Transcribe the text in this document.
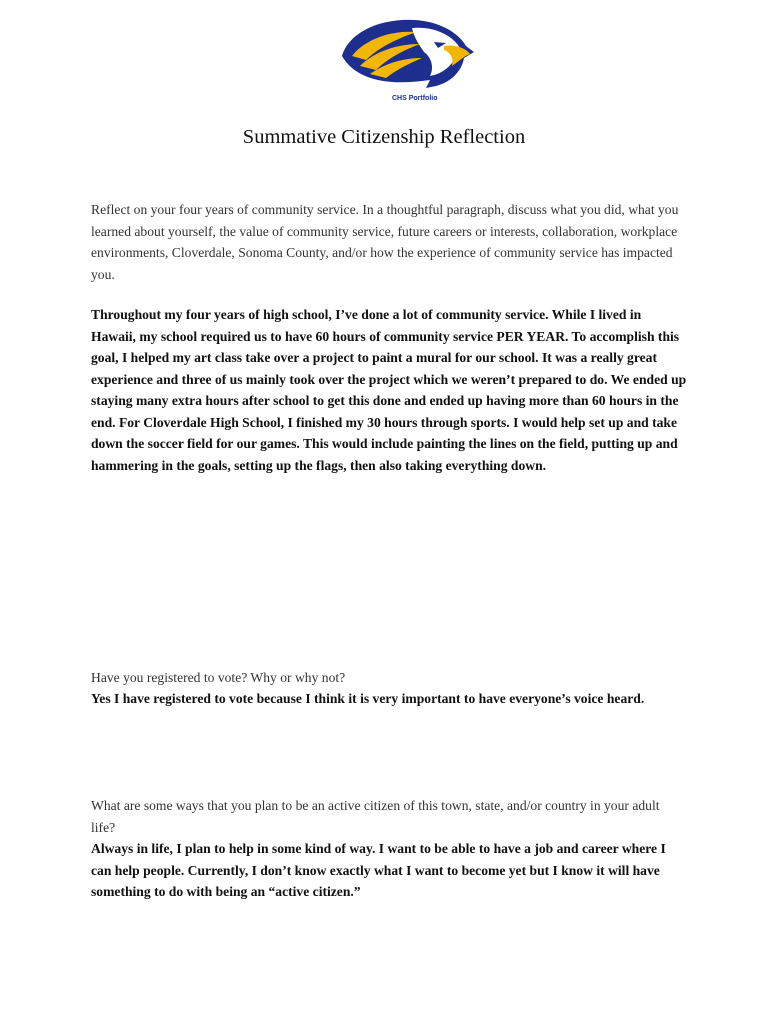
CHS Portfolio
Summative Citizenship Reflection

Reflect on your four years of community service. In a thoughtful paragraph, discuss what you did, what you learned about yourself, the value of community service, future careers or interests, collaboration, workplace environments, Cloverdale, Sonoma County, and/or how the experience of community service has impacted you.

Throughout my four years of high school, I’ve done a lot of community service. While I lived in Hawaii, my school required us to have 60 hours of community service PER YEAR. To accomplish this goal, I helped my art class take over a project to paint a mural for our school. It was a really great experience and three of us mainly took over the project which we weren’t prepared to do. We ended up staying many extra hours after school to get this done and ended up having more than 60 hours in the end. For Cloverdale High School, I finished my 30 hours through sports. I would help set up and take down the soccer field for our games. This would include painting the lines on the field, putting up and hammering in the goals, setting up the flags, then also taking everything down.

Have you registered to vote? Why or why not?

Yes I have registered to vote because I think it is very important to have everyone’s voice heard.

What are some ways that you plan to be an active citizen of this town, state, and/or country in your adult life?

Always in life, I plan to help in some kind of way. I want to be able to have a job and career where I can help people. Currently, I don’t know exactly what I want to become yet but I know it will have something to do with being an “active citizen.”
